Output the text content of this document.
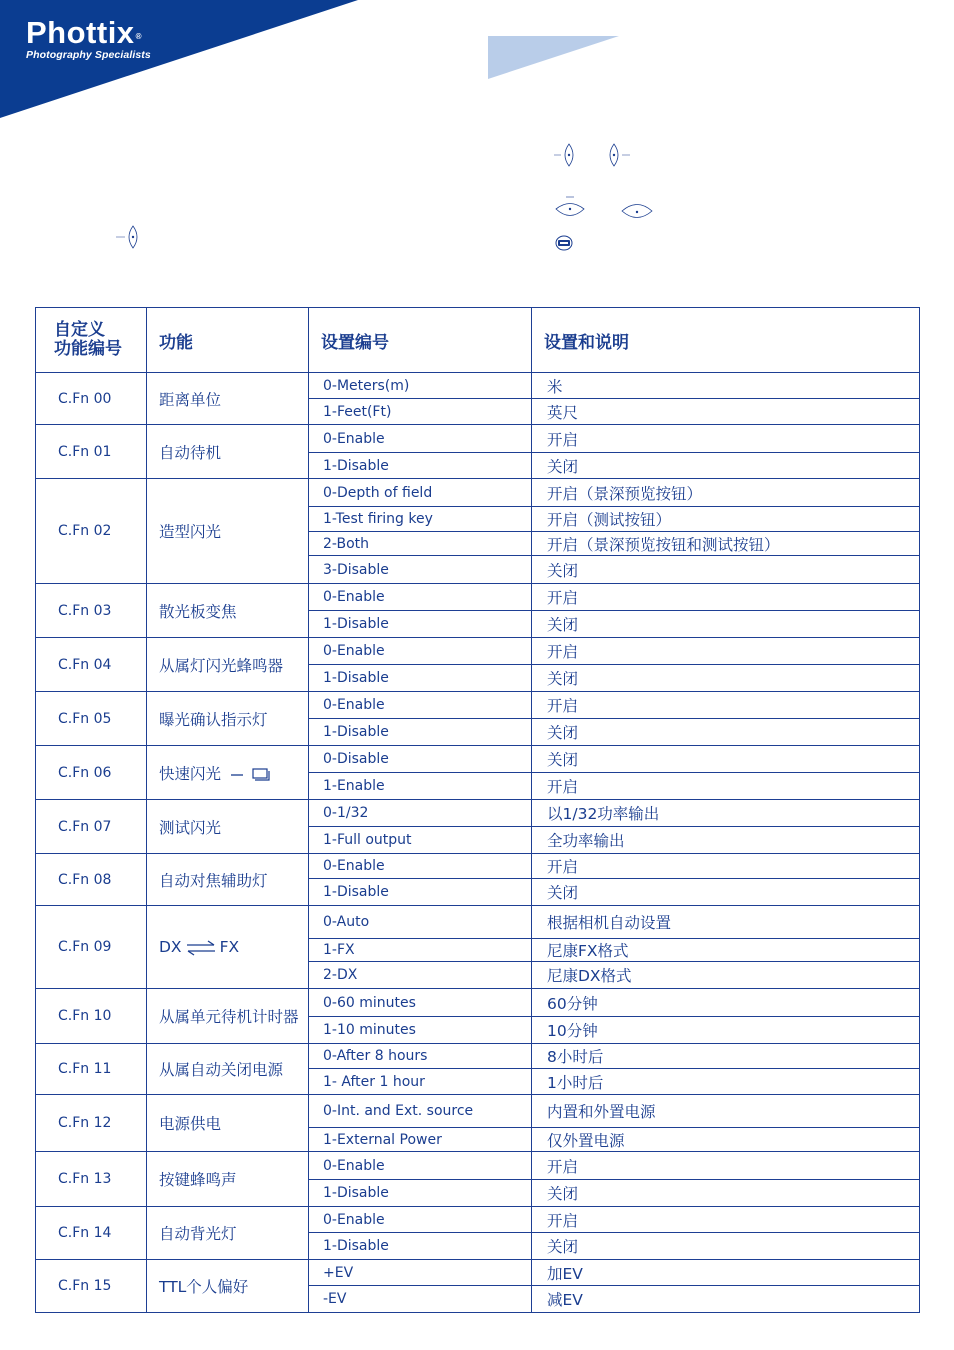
Phottix®
Photography Specialists
自定义
功能编号	功能	设置编号	设置和说明
C.Fn 00	距离单位	0-Meters(m)	米
		1-Feet(Ft)	英尺
C.Fn 01	自动待机	0-Enable	开启
		1-Disable	关闭
C.Fn 02	造型闪光	0-Depth of field	开启（景深预览按钮）
		1-Test firing key	开启（测试按钮）
		2-Both	开启（景深预览按钮和测试按钮）
		3-Disable	关闭
C.Fn 03	散光板变焦	0-Enable	开启
		1-Disable	关闭
C.Fn 04	从属灯闪光蜂鸣器	0-Enable	开启
		1-Disable	关闭
C.Fn 05	曝光确认指示灯	0-Enable	开启
		1-Disable	关闭
C.Fn 06	快速闪光	0-Disable	关闭
		1-Enable	开启
C.Fn 07	测试闪光	0-1/32	以1/32功率输出
		1-Full output	全功率输出
C.Fn 08	自动对焦辅助灯	0-Enable	开启
		1-Disable	关闭
C.Fn 09	DX FX	0-Auto	根据相机自动设置
		1-FX	尼康FX格式
		2-DX	尼康DX格式
C.Fn 10	从属单元待机计时器	0-60 minutes	60分钟
		1-10 minutes	10分钟
C.Fn 11	从属自动关闭电源	0-After 8 hours	8小时后
		1- After 1 hour	1小时后
C.Fn 12	电源供电	0-Int. and Ext. source	内置和外置电源
		1-External Power	仅外置电源
C.Fn 13	按键蜂鸣声	0-Enable	开启
		1-Disable	关闭
C.Fn 14	自动背光灯	0-Enable	开启
		1-Disable	关闭
C.Fn 15	TTL个人偏好	+EV	加EV
		-EV	减EV
